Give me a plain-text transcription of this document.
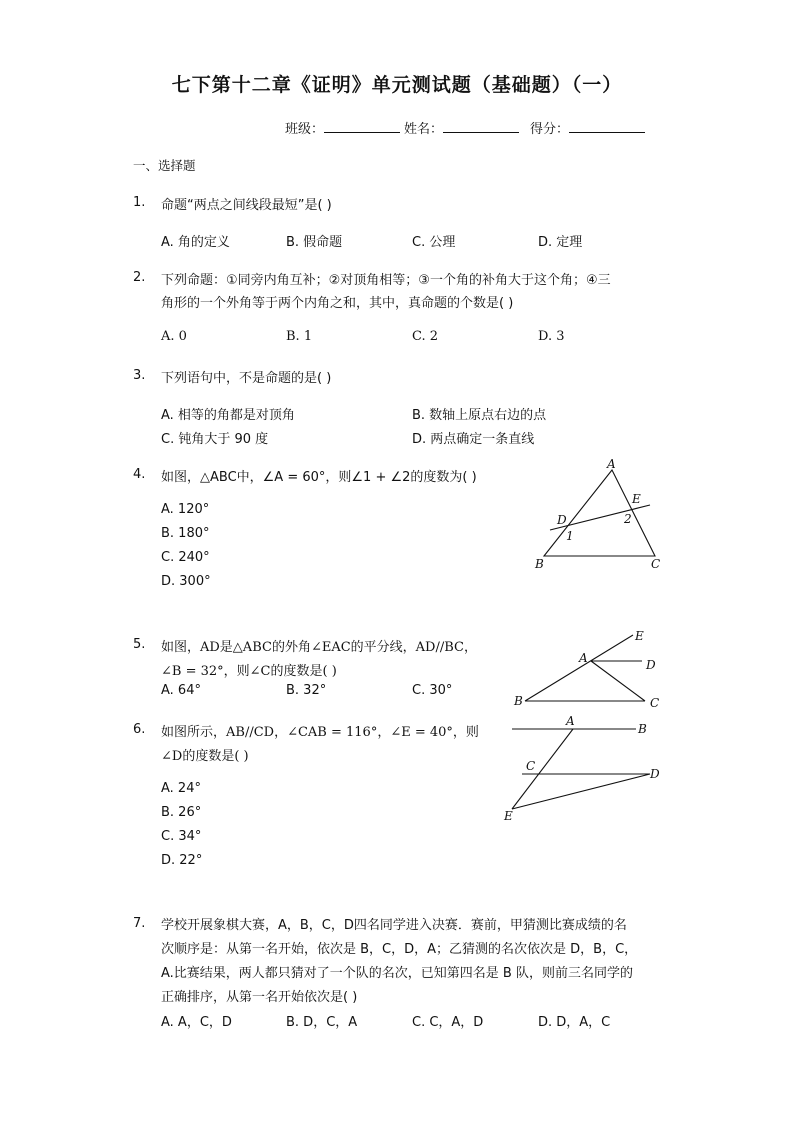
七下第十二章《证明》单元测试题（基础题）（一）
班级：	姓名：	得分：
一、选择题
1. 命题“两点之间线段最短”是( )
A. 角的定义	B. 假命题	C. 公理	D. 定理
2. 下列命题：①同旁内角互补；②对顶角相等；③一个角的补角大于这个角；④三
角形的一个外角等于两个内角之和，其中，真命题的个数是( )
A. 0	B. 1	C. 2	D. 3
3. 下列语句中，不是命题的是( )
A. 相等的角都是对顶角	B. 数轴上原点右边的点
C. 钝角大于 90 度	D. 两点确定一条直线
4. 如图，△ABC中，∠A = 60°，则∠1 + ∠2的度数为( )
A. 120°
B. 180°
C. 240°
D. 300°
A
E
D	2
1
B	C
5. 如图，AD是△ABC的外角∠EAC的平分线，AD//BC，
∠B = 32°，则∠C的度数是( )
A. 64°	B. 32°	C. 30°
E
A	D
B	C
6. 如图所示，AB//CD，∠CAB = 116°，∠E = 40°，则
∠D的度数是( )
A. 24°
B. 26°
C. 34°
D. 22°
A
B
C
D
E
7. 学校开展象棋大赛，A，B，C，D四名同学进入决赛．赛前，甲猜测比赛成绩的名
次顺序是：从第一名开始，依次是 B，C，D，A；乙猜测的名次依次是 D，B，C，
A.比赛结果，两人都只猜对了一个队的名次，已知第四名是 B 队，则前三名同学的
正确排序，从第一名开始依次是( )
A. A，C，D	B. D，C，A	C. C，A，D	D. D，A，C
